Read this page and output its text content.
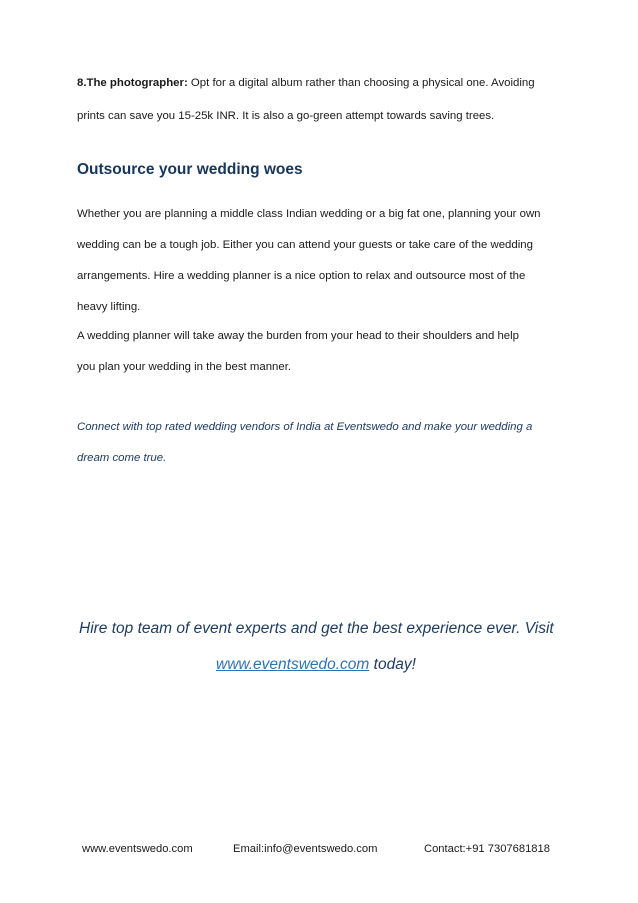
8.The photographer: Opt for a digital album rather than choosing a physical one. Avoiding
prints can save you 15-25k INR. It is also a go-green attempt towards saving trees.
Outsource your wedding woes
Whether you are planning a middle class Indian wedding or a big fat one, planning your own
wedding can be a tough job. Either you can attend your guests or take care of the wedding
arrangements. Hire a wedding planner is a nice option to relax and outsource most of the
heavy lifting.
A wedding planner will take away the burden from your head to their shoulders and help
you plan your wedding in the best manner.
Connect with top rated wedding vendors of India at Eventswedo and make your wedding a
dream come true.
Hire top team of event experts and get the best experience ever. Visit
www.eventswedo.com today!
www.eventswedo.com	Email:info@eventswedo.com	Contact:+91 7307681818
